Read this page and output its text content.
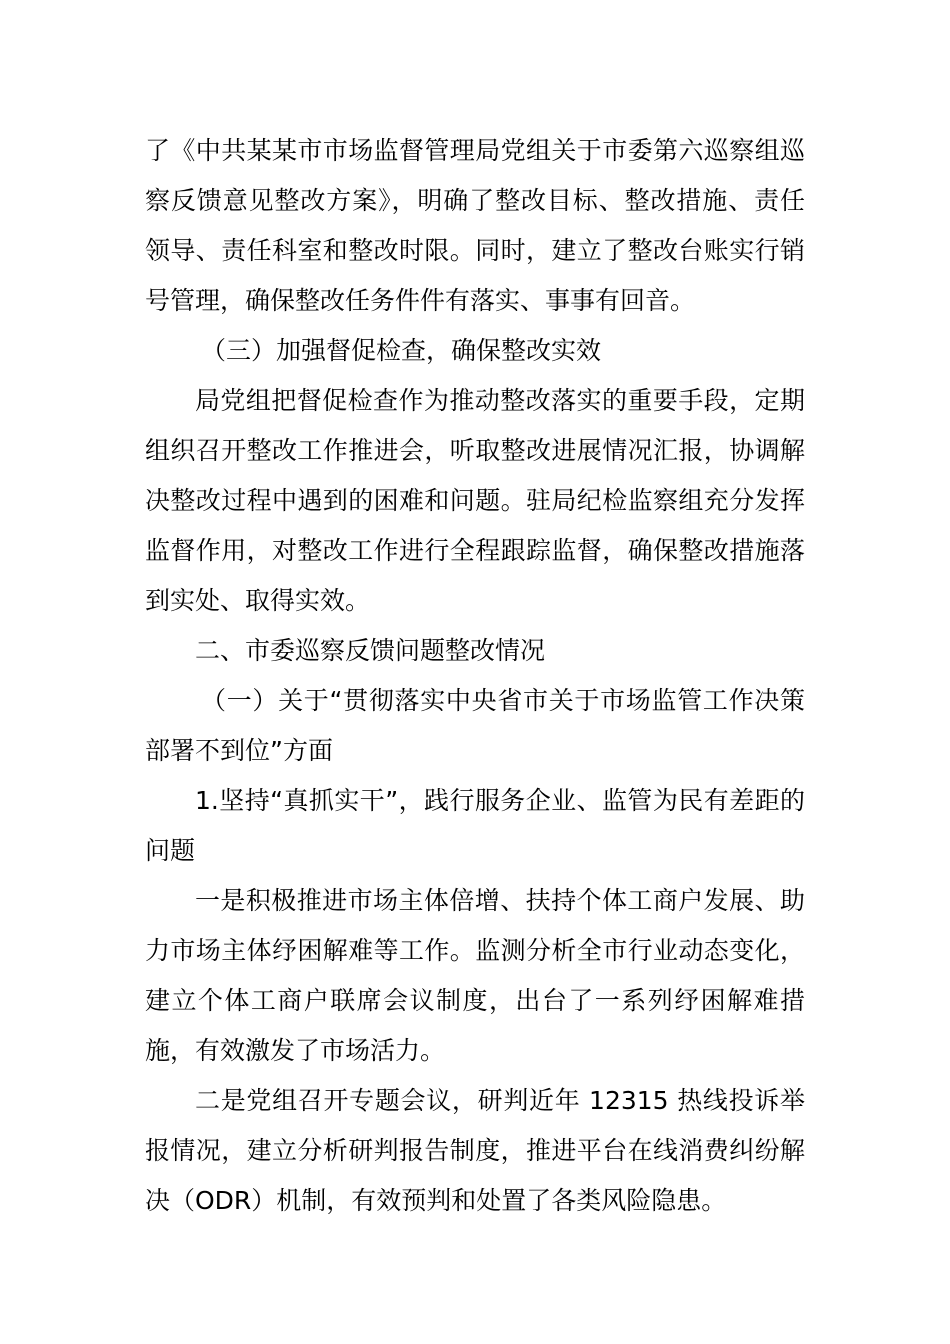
了《中共某某市市场监督管理局党组关于市委第六巡察组巡察反馈意见整改方案》，明确了整改目标、整改措施、责任领导、责任科室和整改时限。同时，建立了整改台账实行销号管理，确保整改任务件件有落实、事事有回音。

（三）加强督促检查，确保整改实效

局党组把督促检查作为推动整改落实的重要手段，定期组织召开整改工作推进会，听取整改进展情况汇报，协调解决整改过程中遇到的困难和问题。驻局纪检监察组充分发挥监督作用，对整改工作进行全程跟踪监督，确保整改措施落到实处、取得实效。

二、市委巡察反馈问题整改情况

（一）关于“贯彻落实中央省市关于市场监管工作决策部署不到位”方面

1.坚持“真抓实干”，践行服务企业、监管为民有差距的问题

一是积极推进市场主体倍增、扶持个体工商户发展、助力市场主体纾困解难等工作。监测分析全市行业动态变化，建立个体工商户联席会议制度，出台了一系列纾困解难措施，有效激发了市场活力。

二是党组召开专题会议，研判近年 12315 热线投诉举报情况，建立分析研判报告制度，推进平台在线消费纠纷解决（ODR）机制，有效预判和处置了各类风险隐患。
